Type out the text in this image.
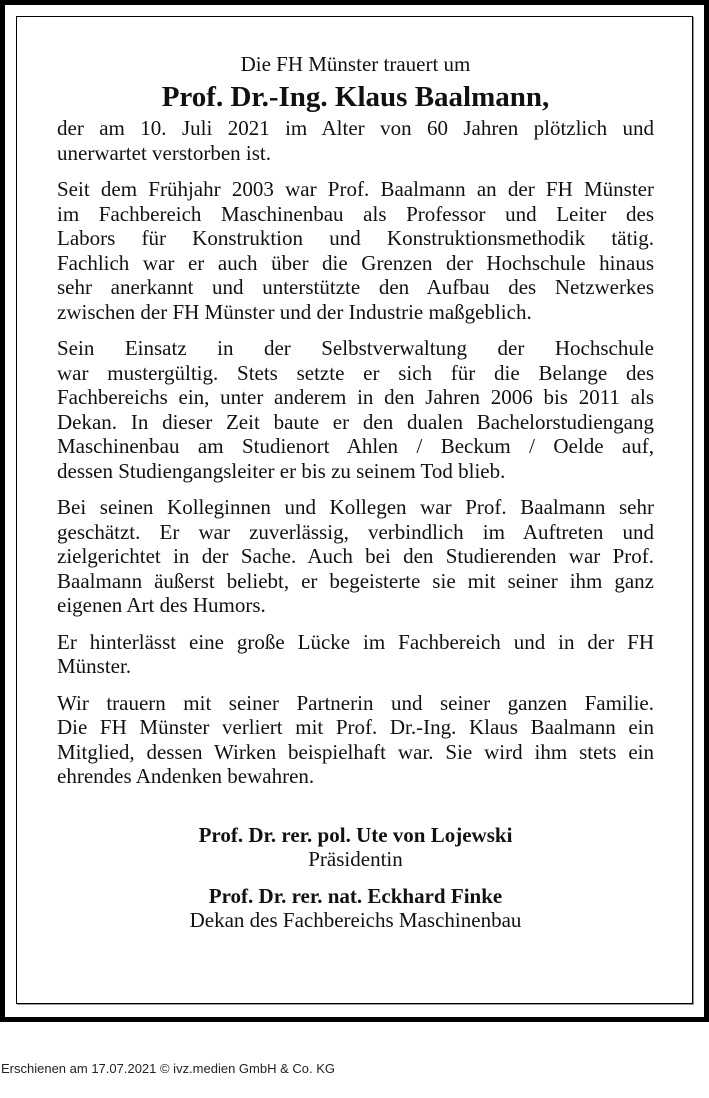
Die FH Münster trauert um
Prof. Dr.-Ing. Klaus Baalmann,
der am 10. Juli 2021 im Alter von 60 Jahren plötzlich und
unerwartet verstorben ist.
Seit dem Frühjahr 2003 war Prof. Baalmann an der FH Münster
im Fachbereich Maschinenbau als Professor und Leiter des
Labors für Konstruktion und Konstruktionsmethodik tätig.
Fachlich war er auch über die Grenzen der Hochschule hinaus
sehr anerkannt und unterstützte den Aufbau des Netzwerkes
zwischen der FH Münster und der Industrie maßgeblich.
Sein Einsatz in der Selbstverwaltung der Hochschule
war mustergültig. Stets setzte er sich für die Belange des
Fachbereichs ein, unter anderem in den Jahren 2006 bis 2011 als
Dekan. In dieser Zeit baute er den dualen Bachelorstudiengang
Maschinenbau am Studienort Ahlen / Beckum / Oelde auf,
dessen Studiengangsleiter er bis zu seinem Tod blieb.
Bei seinen Kolleginnen und Kollegen war Prof. Baalmann sehr
geschätzt. Er war zuverlässig, verbindlich im Auftreten und
zielgerichtet in der Sache. Auch bei den Studierenden war Prof.
Baalmann äußerst beliebt, er begeisterte sie mit seiner ihm ganz
eigenen Art des Humors.
Er hinterlässt eine große Lücke im Fachbereich und in der FH
Münster.
Wir trauern mit seiner Partnerin und seiner ganzen Familie.
Die FH Münster verliert mit Prof. Dr.-Ing. Klaus Baalmann ein
Mitglied, dessen Wirken beispielhaft war. Sie wird ihm stets ein
ehrendes Andenken bewahren.
Prof. Dr. rer. pol. Ute von Lojewski
Präsidentin
Prof. Dr. rer. nat. Eckhard Finke
Dekan des Fachbereichs Maschinenbau
Erschienen am 17.07.2021 © ivz.medien GmbH & Co. KG
